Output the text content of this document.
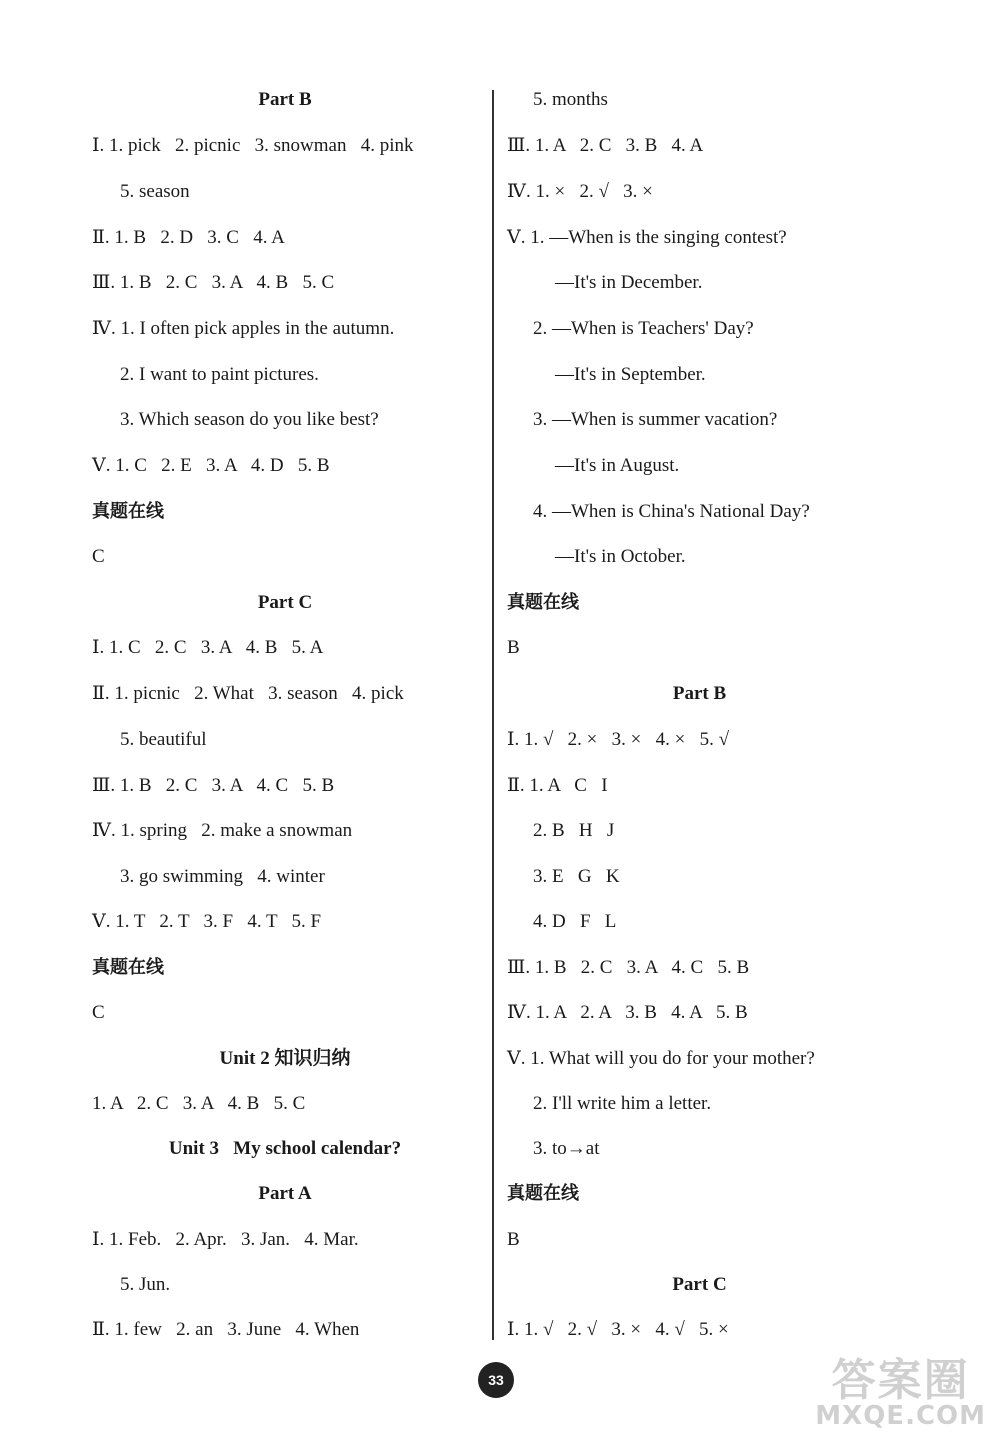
Part B
Ⅰ. 1. pick   2. picnic   3. snowman   4. pink
5. season
Ⅱ. 1. B   2. D   3. C   4. A
Ⅲ. 1. B   2. C   3. A   4. B   5. C
Ⅳ. 1. I often pick apples in the autumn.
2. I want to paint pictures.
3. Which season do you like best?
Ⅴ. 1. C   2. E   3. A   4. D   5. B
真题在线
C
Part C
Ⅰ. 1. C   2. C   3. A   4. B   5. A
Ⅱ. 1. picnic   2. What   3. season   4. pick
5. beautiful
Ⅲ. 1. B   2. C   3. A   4. C   5. B
Ⅳ. 1. spring   2. make a snowman
3. go swimming   4. winter
Ⅴ. 1. T   2. T   3. F   4. T   5. F
真题在线
C
Unit 2 知识归纳
1. A   2. C   3. A   4. B   5. C
Unit 3   My school calendar?
Part A
Ⅰ. 1. Feb.   2. Apr.   3. Jan.   4. Mar.
5. Jun.
Ⅱ. 1. few   2. an   3. June   4. When
5. months
Ⅲ. 1. A   2. C   3. B   4. A
Ⅳ. 1. ×   2. √   3. ×
Ⅴ. 1. —When is the singing contest?
—It's in December.
2. —When is Teachers' Day?
—It's in September.
3. —When is summer vacation?
—It's in August.
4. —When is China's National Day?
—It's in October.
真题在线
B
Part B
Ⅰ. 1. √   2. ×   3. ×   4. ×   5. √
Ⅱ. 1. A   C   I
2. B   H   J
3. E   G   K
4. D   F   L
Ⅲ. 1. B   2. C   3. A   4. C   5. B
Ⅳ. 1. A   2. A   3. B   4. A   5. B
Ⅴ. 1. What will you do for your mother?
2. I'll write him a letter.
3. to→at
真题在线
B
Part C
Ⅰ. 1. √   2. √   3. ×   4. √   5. ×
33	答案圈
MXQE.COM
